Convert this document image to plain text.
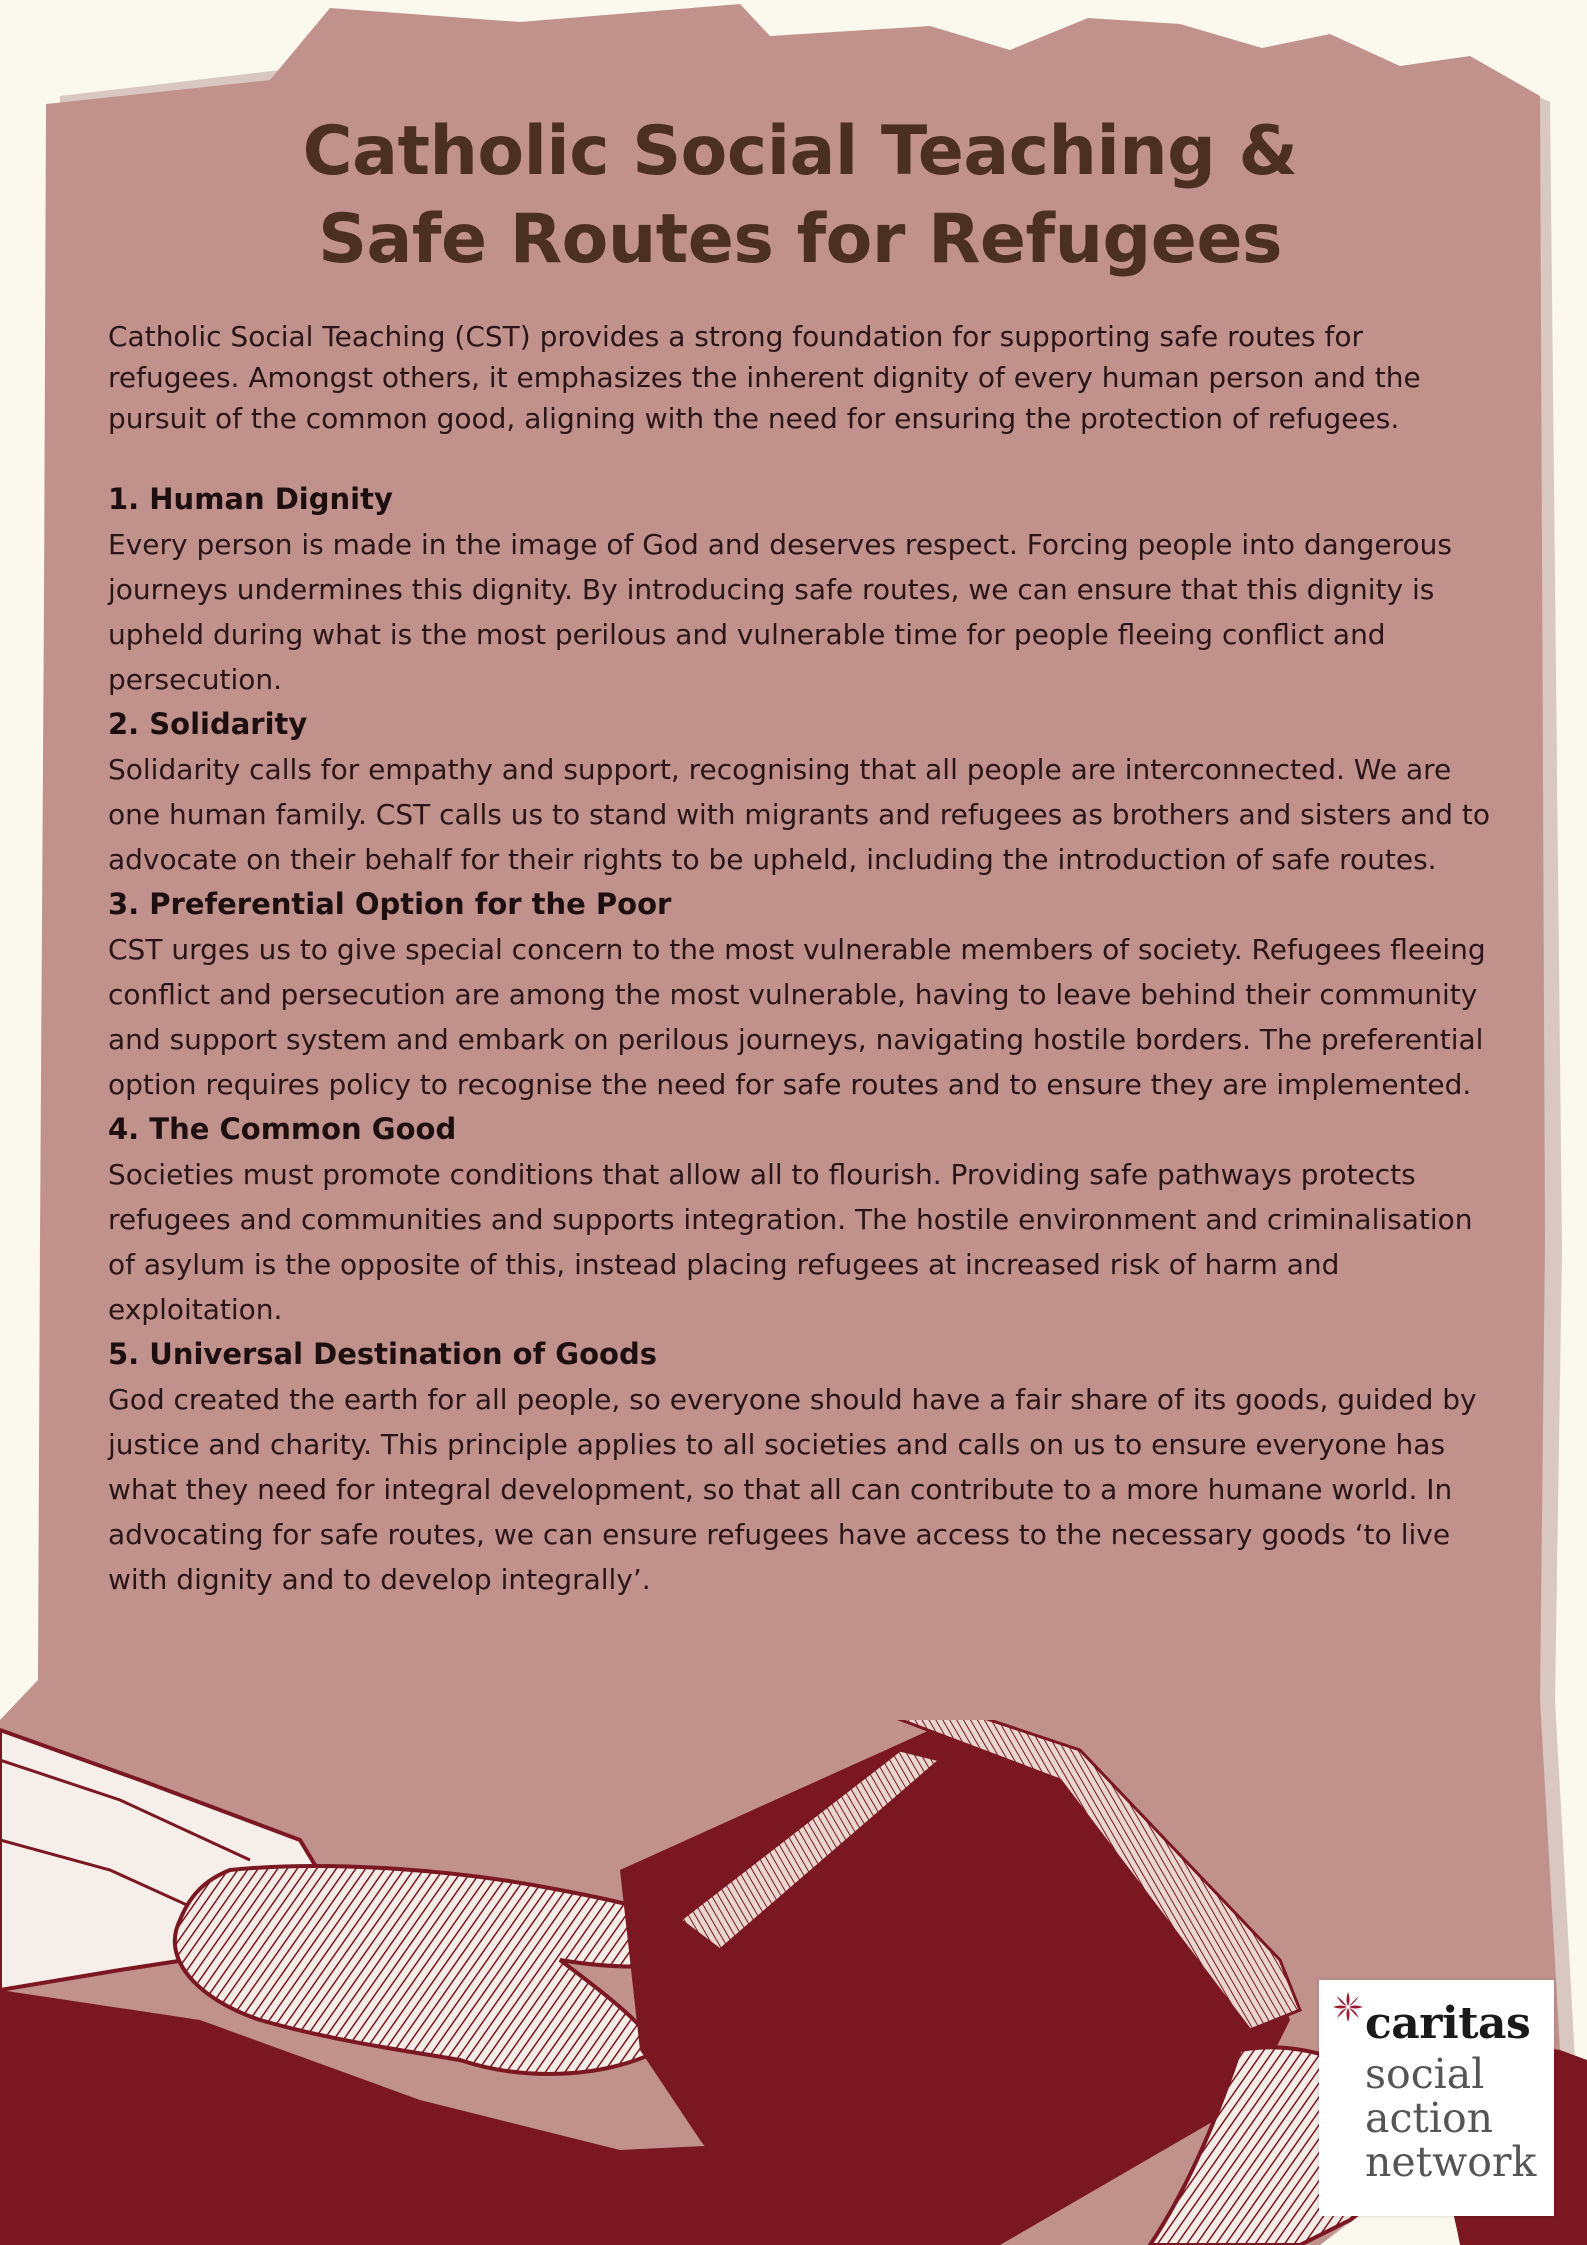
Catholic Social Teaching &
Safe Routes for Refugees

Catholic Social Teaching (CST) provides a strong foundation for supporting safe routes for refugees. Amongst others, it emphasizes the inherent dignity of every human person and the pursuit of the common good, aligning with the need for ensuring the protection of refugees.

1. Human Dignity

Every person is made in the image of God and deserves respect. Forcing people into dangerous journeys undermines this dignity. By introducing safe routes, we can ensure that this dignity is upheld during what is the most perilous and vulnerable time for people fleeing conflict and persecution.

2. Solidarity

Solidarity calls for empathy and support, recognising that all people are interconnected. We are one human family. CST calls us to stand with migrants and refugees as brothers and sisters and to advocate on their behalf for their rights to be upheld, including the introduction of safe routes.

3. Preferential Option for the Poor

CST urges us to give special concern to the most vulnerable members of society. Refugees fleeing conflict and persecution are among the most vulnerable, having to leave behind their community and support system and embark on perilous journeys, navigating hostile borders. The preferential option requires policy to recognise the need for safe routes and to ensure they are implemented.

4. The Common Good

Societies must promote conditions that allow all to flourish. Providing safe pathways protects refugees and communities and supports integration. The hostile environment and criminalisation of asylum is the opposite of this, instead placing refugees at increased risk of harm and exploitation.

5. Universal Destination of Goods

God created the earth for all people, so everyone should have a fair share of its goods, guided by justice and charity. This principle applies to all societies and calls on us to ensure everyone has what they need for integral development, so that all can contribute to a more humane world. In advocating for safe routes, we can ensure refugees have access to the necessary goods ‘to live with dignity and to develop integrally’.

caritas
social
action
network
